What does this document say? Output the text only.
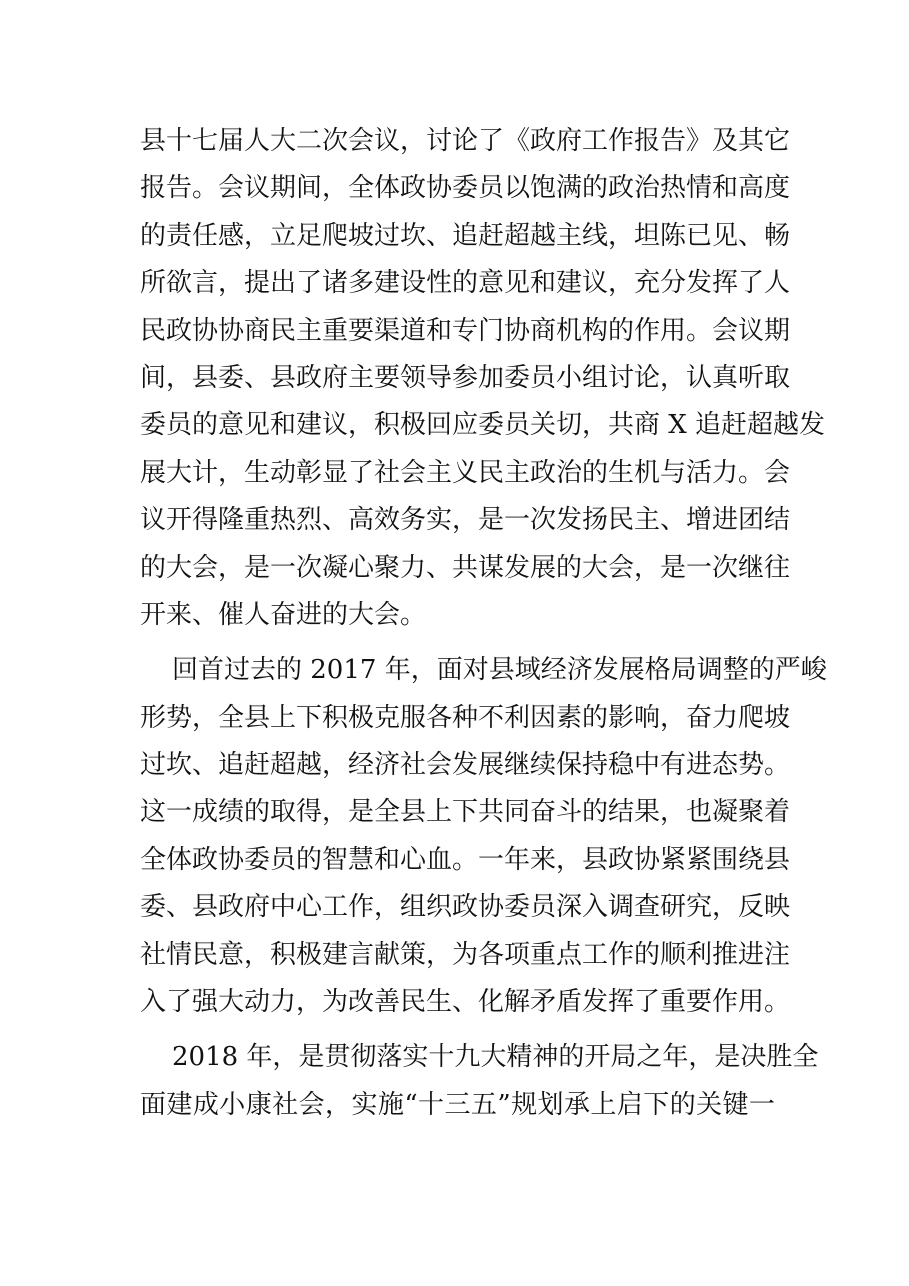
县十七届人大二次会议，讨论了《政府工作报告》及其它
报告。会议期间，全体政协委员以饱满的政治热情和高度
的责任感，立足爬坡过坎、追赶超越主线，坦陈已见、畅
所欲言，提出了诸多建设性的意见和建议，充分发挥了人
民政协协商民主重要渠道和专门协商机构的作用。会议期
间，县委、县政府主要领导参加委员小组讨论，认真听取
委员的意见和建议，积极回应委员关切，共商 X 追赶超越发
展大计，生动彰显了社会主义民主政治的生机与活力。会
议开得隆重热烈、高效务实，是一次发扬民主、增进团结
的大会，是一次凝心聚力、共谋发展的大会，是一次继往
开来、催人奋进的大会。
回首过去的 2017 年，面对县域经济发展格局调整的严峻
形势，全县上下积极克服各种不利因素的影响，奋力爬坡
过坎、追赶超越，经济社会发展继续保持稳中有进态势。
这一成绩的取得，是全县上下共同奋斗的结果，也凝聚着
全体政协委员的智慧和心血。一年来，县政协紧紧围绕县
委、县政府中心工作，组织政协委员深入调查研究，反映
社情民意，积极建言献策，为各项重点工作的顺利推进注
入了强大动力，为改善民生、化解矛盾发挥了重要作用。
2018 年，是贯彻落实十九大精神的开局之年，是决胜全
面建成小康社会，实施“十三五”规划承上启下的关键一
